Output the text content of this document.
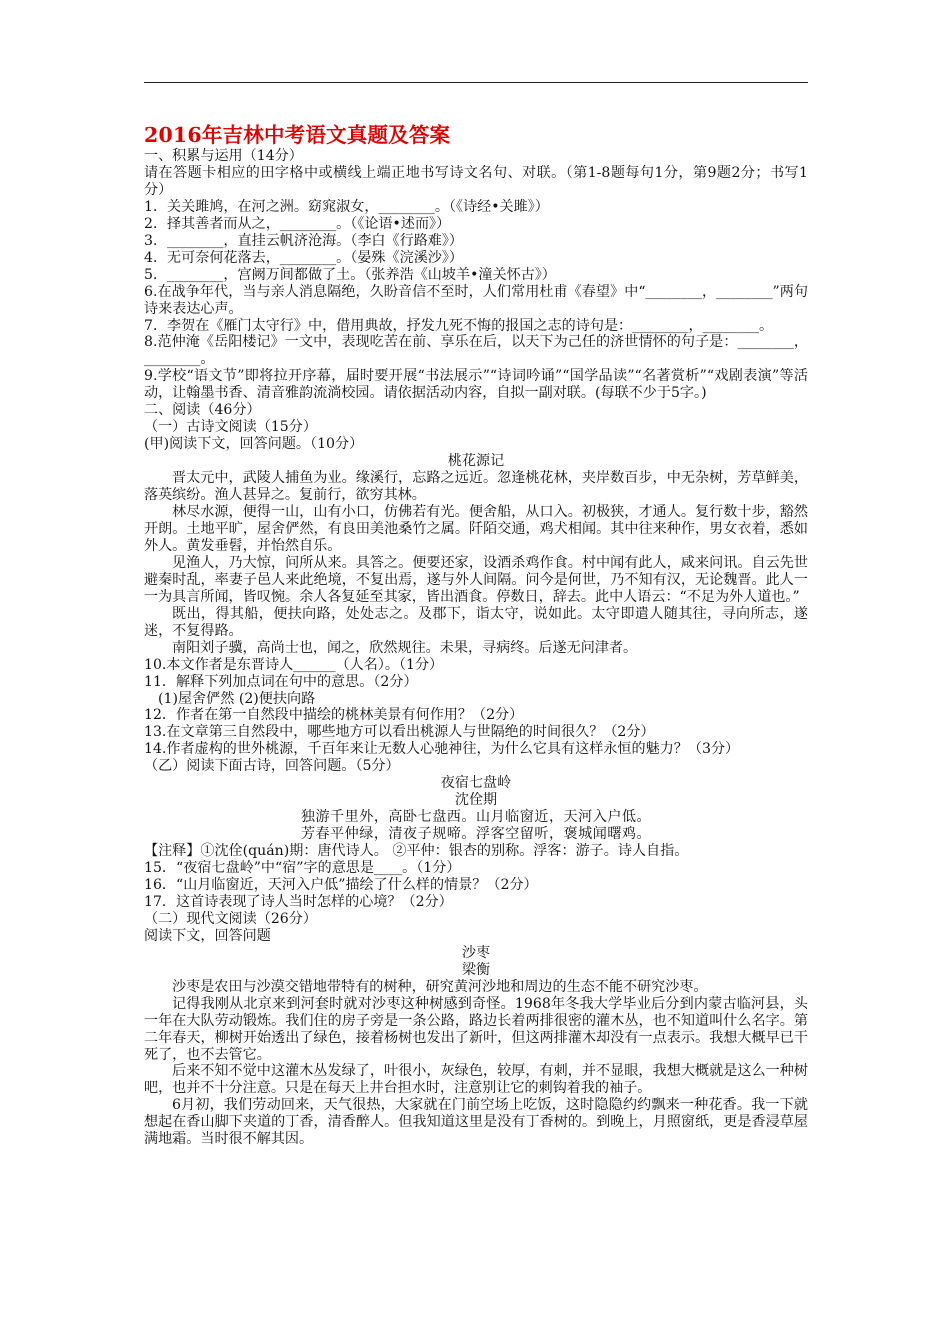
2016年吉林中考语文真题及答案
一、积累与运用（14分）
请在答题卡相应的田字格中或横线上端正地书写诗文名句、对联。（第1-8题每句1分，第9题2分；书写1分）
1．关关雎鸠，在河之洲。窈窕淑女，________。（《诗经•关雎》）
2．择其善者而从之，________。（《论语•述而》）
3．________，直挂云帆济沧海。（李白《行路难》）
4．无可奈何花落去，________。（晏殊《浣溪沙》）
5．________，宫阙万间都做了土。（张养浩《山坡羊•潼关怀古》）
6.在战争年代，当与亲人消息隔绝，久盼音信不至时，人们常用杜甫《春望》中“________，________”两句诗来表达心声。
7．李贺在《雁门太守行》中，借用典故，抒发九死不悔的报国之志的诗句是：________，________。
8.范仲淹《岳阳楼记》一文中，表现吃苦在前、享乐在后，以天下为己任的济世情怀的句子是：________，________。
9.学校“语文节”即将拉开序幕，届时要开展“书法展示”“诗词吟诵”“国学品读”“名著赏析”“戏剧表演”等活动，让翰墨书香、清音雅韵流淌校园。请依据活动内容，自拟一副对联。(每联不少于5字。)
二、阅读（46分）
（一）古诗文阅读（15分）
(甲)阅读下文，回答问题。（10分）
桃花源记
晋太元中，武陵人捕鱼为业。缘溪行，忘路之远近。忽逢桃花林，夹岸数百步，中无杂树，芳草鲜美，落英缤纷。渔人甚异之。复前行，欲穷其林。
林尽水源，便得一山，山有小口，仿佛若有光。便舍船，从口入。初极狭，才通人。复行数十步，豁然开朗。土地平旷，屋舍俨然，有良田美池桑竹之属。阡陌交通，鸡犬相闻。其中往来种作，男女衣着，悉如外人。黄发垂髫，并怡然自乐。
见渔人，乃大惊，问所从来。具答之。便要还家，设酒杀鸡作食。村中闻有此人，咸来问讯。自云先世避秦时乱，率妻子邑人来此绝境，不复出焉，遂与外人间隔。问今是何世，乃不知有汉，无论魏晋。此人一一为具言所闻，皆叹惋。余人各复延至其家，皆出酒食。停数日，辞去。此中人语云：“不足为外人道也。”
既出，得其船，便扶向路，处处志之。及郡下，诣太守，说如此。太守即遣人随其往，寻向所志，遂迷，不复得路。
南阳刘子骥，高尚士也，闻之，欣然规往。未果，寻病终。后遂无问津者。
10.本文作者是东晋诗人______（人名）。（1分）
11．解释下列加点词在句中的意思。（2分）
(1)屋舍俨然 (2)便扶向路
12．作者在第一自然段中描绘的桃林美景有何作用？（2分）
13.在文章第三自然段中，哪些地方可以看出桃源人与世隔绝的时间很久？（2分）
14.作者虚构的世外桃源，千百年来让无数人心驰神往，为什么它具有这样永恒的魅力？（3分）
（乙）阅读下面古诗，回答问题。（5分）
夜宿七盘岭
沈佺期
独游千里外，高卧七盘西。山月临窗近，天河入户低。
芳春平仲绿，清夜子规啼。浮客空留听，褒城闻曙鸡。
【注释】①沈佺(quán)期：唐代诗人。 ②平仲：银杏的别称。浮客：游子。诗人自指。
15．“夜宿七盘岭”中“宿”字的意思是____。（1分）
16．“山月临窗近，天河入户低”描绘了什么样的情景？（2分）
17．这首诗表现了诗人当时怎样的心境？（2分）
（二）现代文阅读（26分）
阅读下文，回答问题
沙枣
梁衡
沙枣是农田与沙漠交错地带特有的树种，研究黄河沙地和周边的生态不能不研究沙枣。
记得我刚从北京来到河套时就对沙枣这种树感到奇怪。1968年冬我大学毕业后分到内蒙古临河县，头一年在大队劳动锻炼。我们住的房子旁是一条公路，路边长着两排很密的灌木丛，也不知道叫什么名字。第二年春天，柳树开始透出了绿色，接着杨树也发出了新叶，但这两排灌木却没有一点表示。我想大概早已干死了，也不去管它。
后来不知不觉中这灌木丛发绿了，叶很小，灰绿色，较厚，有刺，并不显眼，我想大概就是这么一种树吧，也并不十分注意。只是在每天上井台担水时，注意别让它的刺钩着我的袖子。
6月初，我们劳动回来，天气很热，大家就在门前空场上吃饭，这时隐隐约约飘来一种花香。我一下就想起在香山脚下夹道的丁香，清香醉人。但我知道这里是没有丁香树的。到晚上，月照窗纸，更是香浸草屋满地霜。当时很不解其因。
